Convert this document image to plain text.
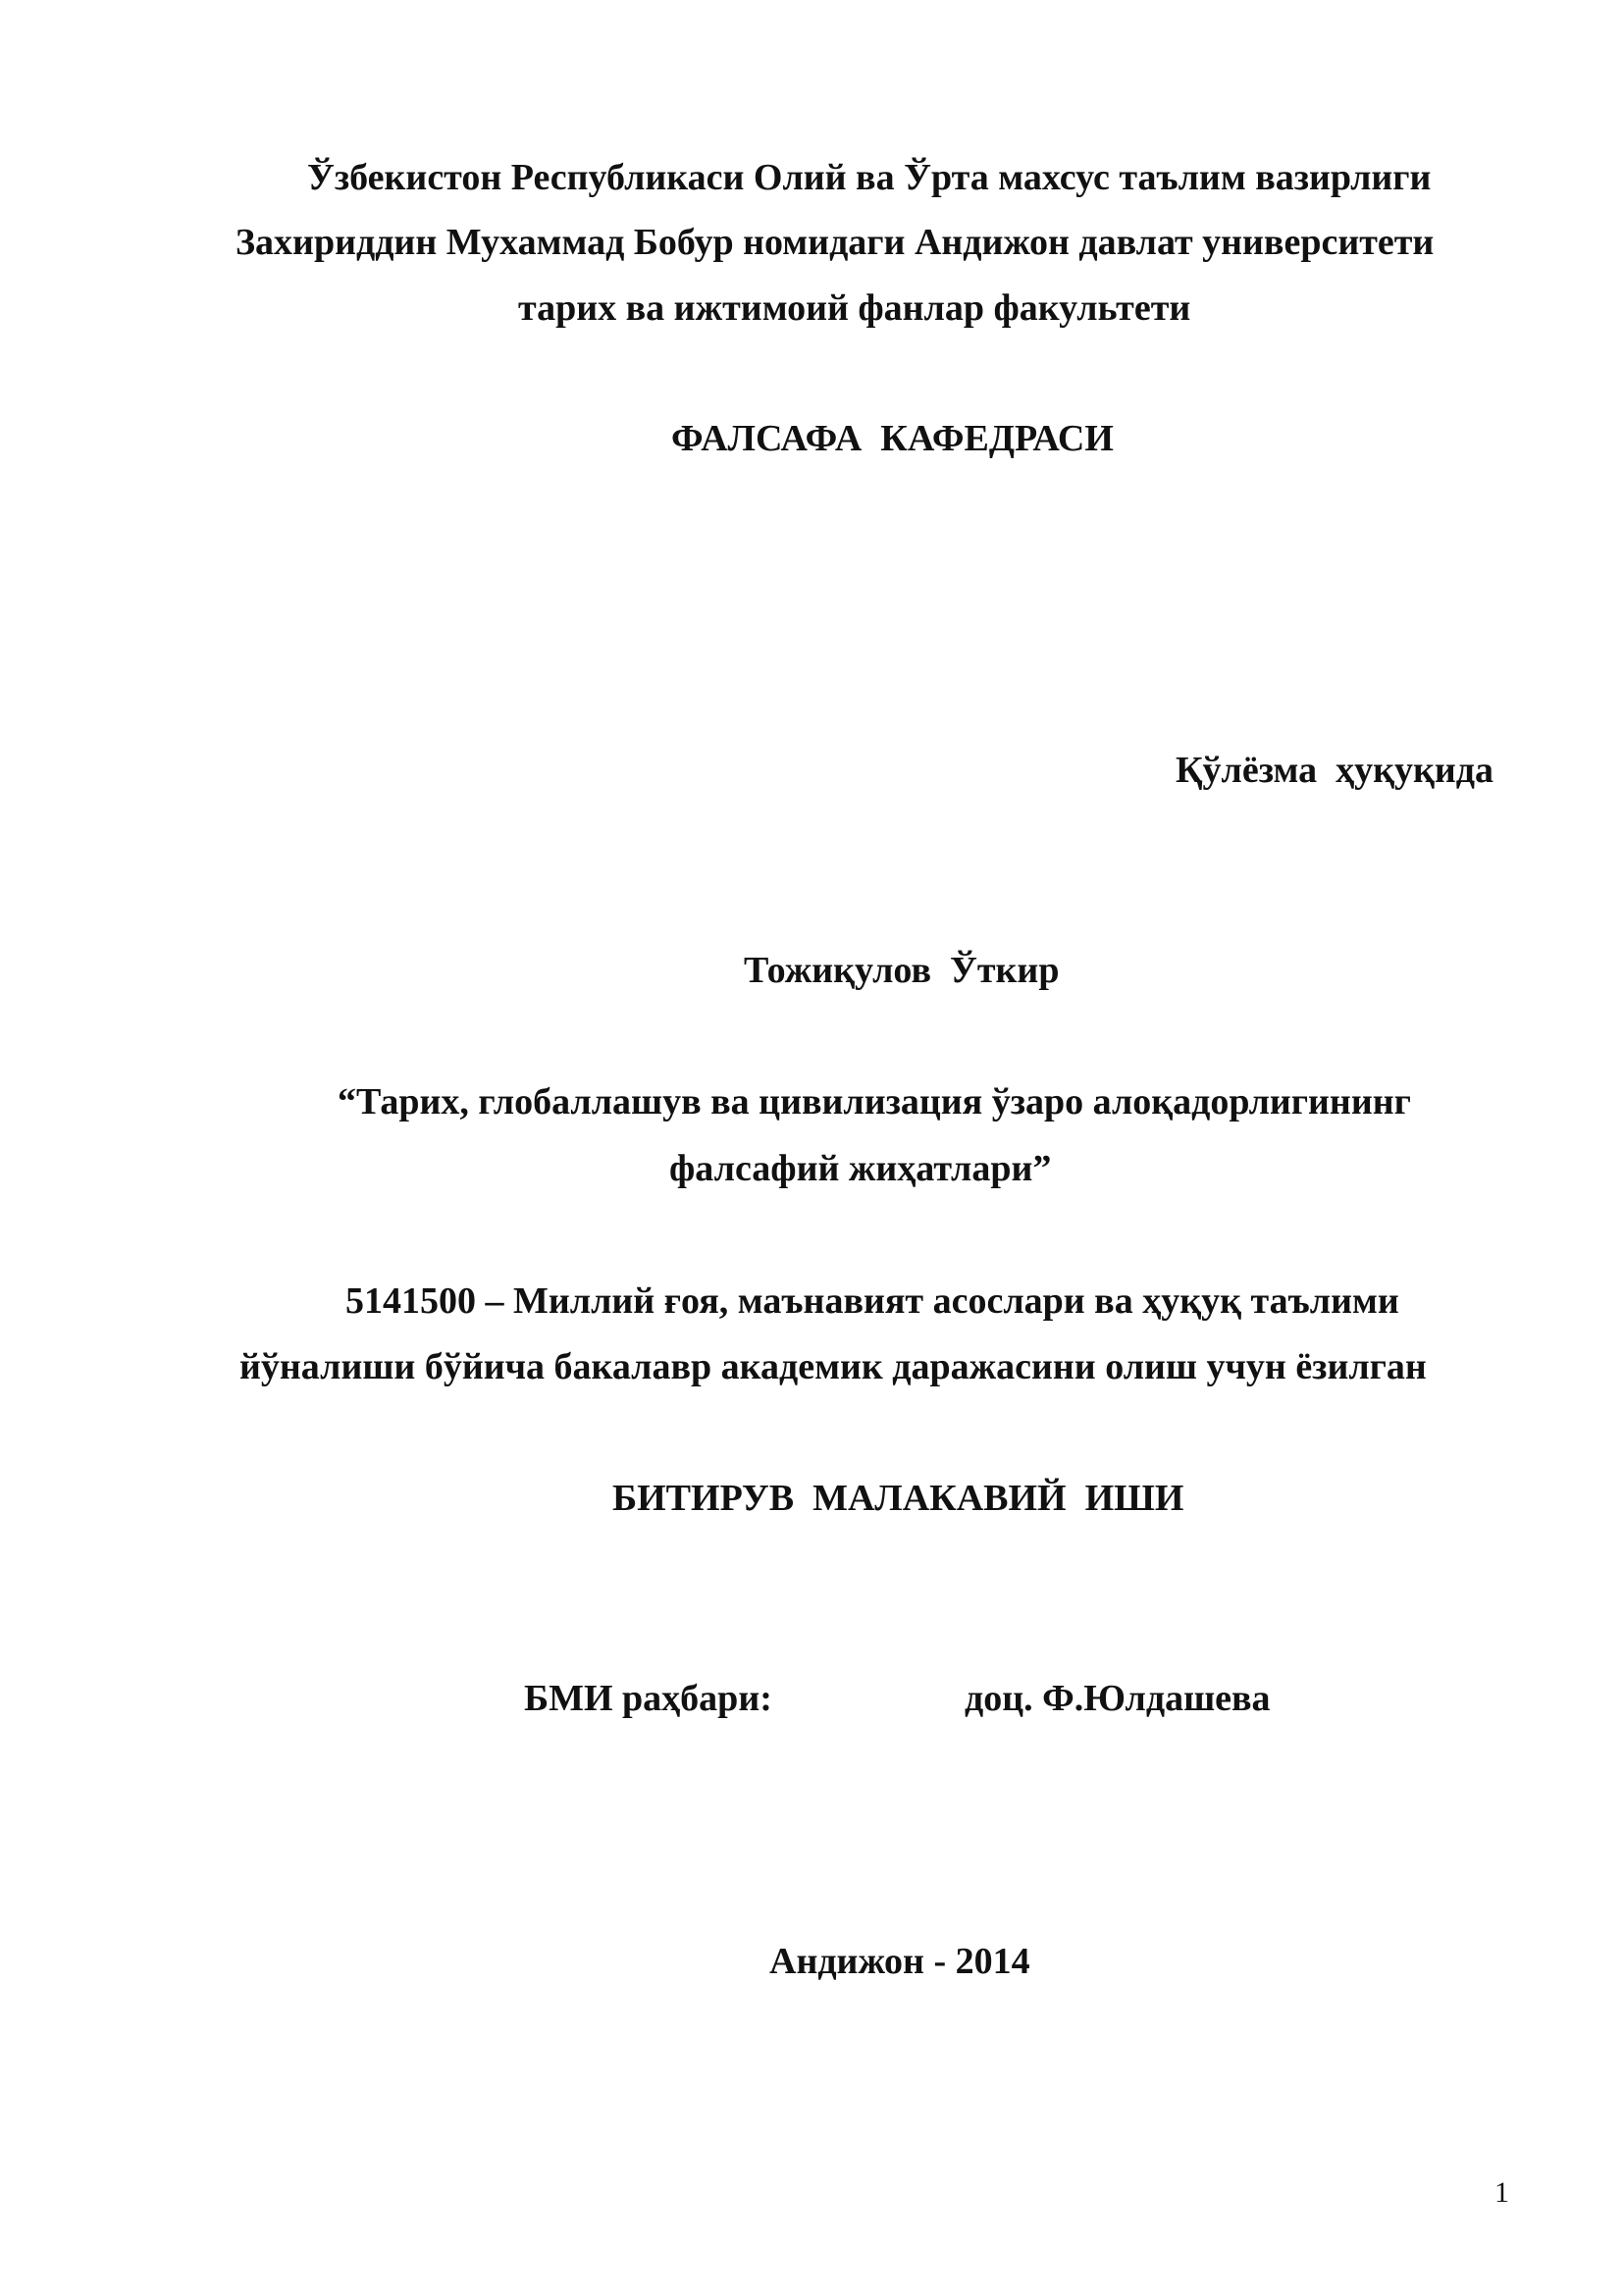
Ўзбекистон Республикаси Олий ва Ўрта махсус таълим вазирлиги
Захириддин Мухаммад Бобур номидаги Андижон давлат университети
тарих ва ижтимоий фанлар факультети
ФАЛСАФА  КАФЕДРАСИ
Қўлёзма  ҳуқуқида
Тожиқулов  Ўткир
“Тарих, глобаллашув ва цивилизация ўзаро алоқадорлигининг
фалсафий жиҳатлари”
5141500 – Миллий ғоя, маънавият асослари ва ҳуқуқ таълими
йўналиши бўйича бакалавр академик даражасини олиш учун ёзилган
БИТИРУВ  МАЛАКАВИЙ  ИШИ
БМИ раҳбари:	доц. Ф.Юлдашева
Андижон - 2014
1
